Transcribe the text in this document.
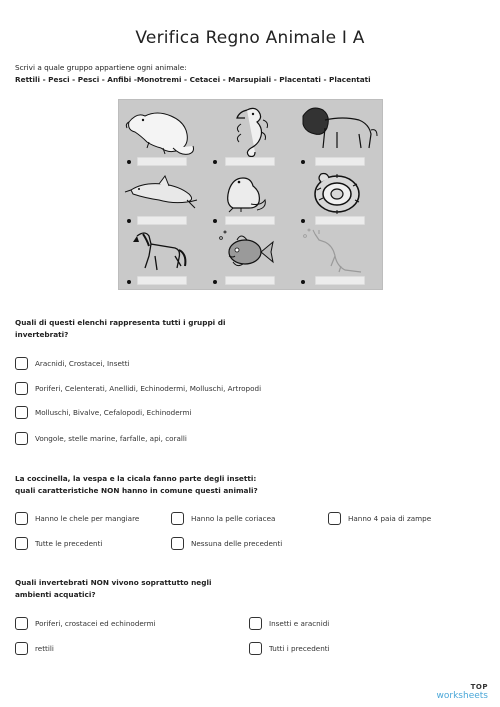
Verifica Regno Animale I A
Scrivi a quale gruppo appartiene ogni animale:
Rettili - Pesci - Pesci - Anfibi -Monotremi - Cetacei - Marsupiali - Placentati - Placentati
Quali di questi elenchi rappresenta tutti i gruppi di
invertebrati?
Aracnidi, Crostacei, Insetti
Poriferi, Celenterati, Anellidi, Echinodermi, Molluschi, Artropodi
Molluschi, Bivalve, Cefalopodi, Echinodermi
Vongole, stelle marine, farfalle, api, coralli
La coccinella, la vespa e la cicala fanno parte degli insetti:
quali caratteristiche NON hanno in comune questi animali?
Hanno le chele per mangiare	Hanno la pelle coriacea	Hanno 4 paia di zampe
Tutte le precedenti	Nessuna delle precedenti
Quali invertebrati NON vivono soprattutto negli
ambienti acquatici?
Poriferi, crostacei ed echinodermi	Insetti e aracnidi
rettili	Tutti i precedenti
TOP
worksheets
